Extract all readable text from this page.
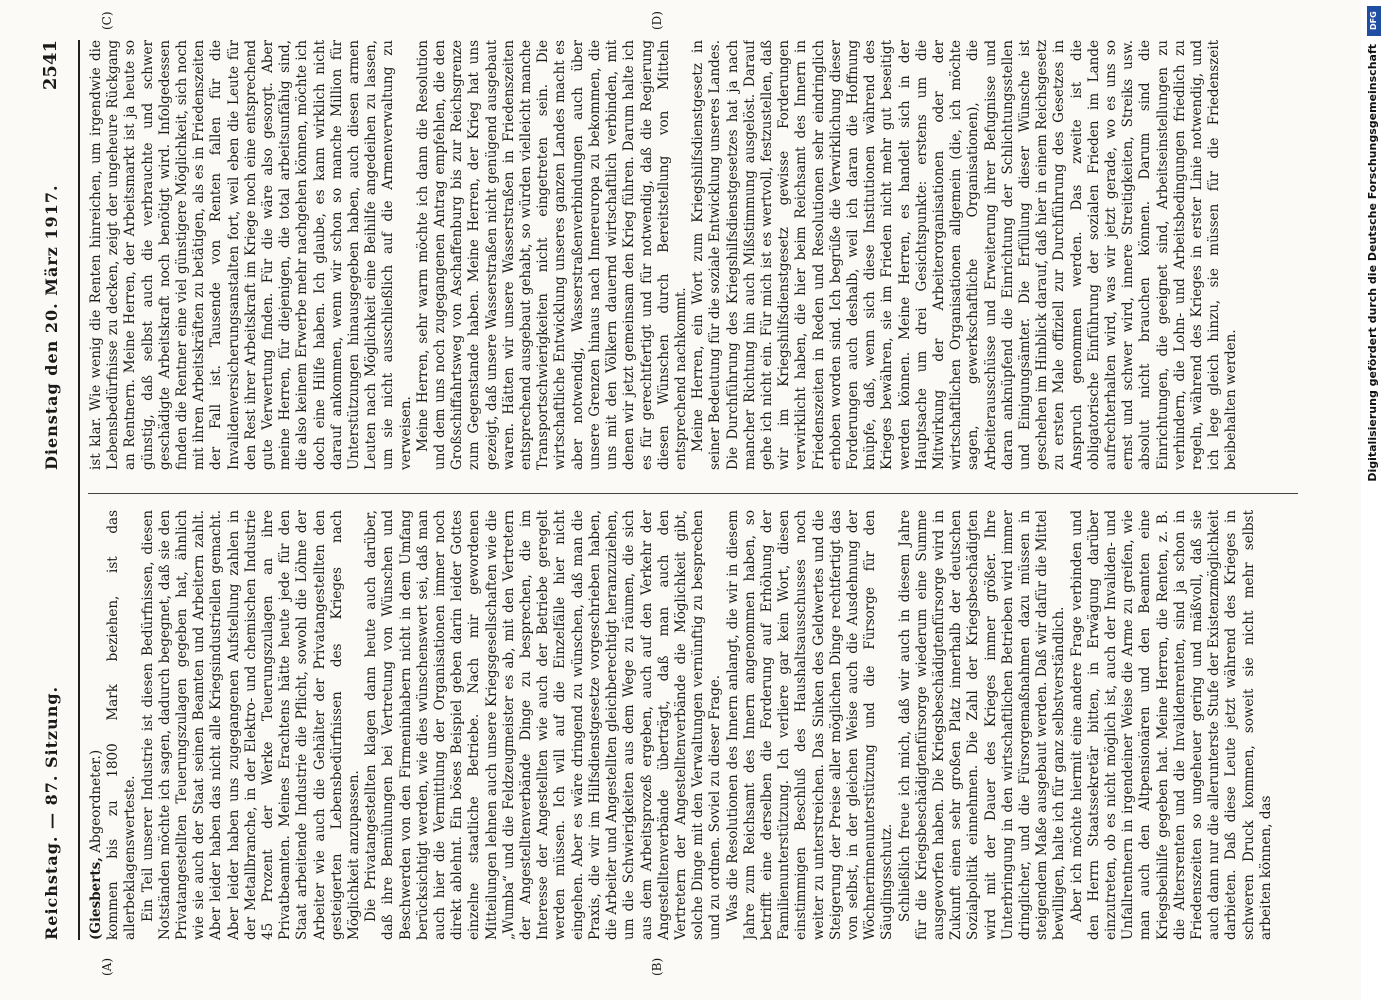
Reichstag. — 87. Sitzung.
Dienstag den 20. März 1917.
2541
(A)	(B)
(C)	(D)

(Giesberts, Abgeordneter.) kommen bis zu 1800 Mark beziehen, ist das allerbeklagenswerteste. Ein Teil unserer Industrie ist diesen Bedürfnissen, diesen Notständen möchte ich sagen, dadurch begegnet, daß sie den Privatangestellten Teuerungszulagen gegeben hat, ähnlich wie sie auch der Staat seinen Beamten und Arbeitern zahlt. Aber leider haben das nicht alle Kriegsindustriellen gemacht. Aber leider haben uns zugegangenen Aufstellung zahlen in der Metallbranche, in der Elektro- und chemischen Industrie 45 Prozent der Werke Teuerungszulagen an ihre Privatbeamten. Meines Erachtens hätte heute jede für den Staat arbeitende Industrie die Pflicht, sowohl die Löhne der Arbeiter wie auch die Gehälter der Privatangestellten den gesteigerten Lebensbedürfnissen des Krieges nach Möglichkeit anzupassen. Die Privatangestellten klagen dann heute auch darüber, daß ihre Bemühungen bei Vertretung von Wünschen und Beschwerden von den Firmeninhabern nicht in dem Umfang berücksichtigt werden, wie dies wünschenswert sei, daß man auch hier die Vermittlung der Organisationen immer noch direkt ablehnt. Ein böses Beispiel geben darin leider Gottes einzelne staatliche Betriebe. Nach mir gewordenen Mitteilungen lehnen auch unsere Kriegsgesellschaften wie die „Wumba“ und die Feldzeugmeister es ab, mit den Vertretern der Angestelltenverbände Dinge zu besprechen, die im Interesse der Angestellten wie auch der Betriebe geregelt werden müssen. Ich will auf die Einzelfälle hier nicht eingehen. Aber es wäre dringend zu wünschen, daß man die Praxis, die wir im Hilfsdienstgesetze vorgeschrieben haben, die Arbeiter und Angestellten gleichberechtigt heranzuziehen, um die Schwierigkeiten aus dem Wege zu räumen, die sich aus dem Arbeitsprozeß ergeben, auch auf den Verkehr der Angestelltenverbände überträgt, daß man auch den Vertretern der Angestelltenverbände die Möglichkeit gibt, solche Dinge mit den Verwaltungen vernünftig zu besprechen und zu ordnen. Soviel zu dieser Frage. Was die Resolutionen des Innern anlangt, die wir in diesem Jahre zum Reichsamt des Innern angenommen haben, so betrifft eine derselben die Forderung auf Erhöhung der Familienunterstützung. Ich verliere gar kein Wort, diesen einstimmigen Beschluß des Haushaltsausschusses noch weiter zu unterstreichen. Das Sinken des Geldwertes und die Steigerung der Preise aller möglichen Dinge rechtfertigt das von selbst, in der gleichen Weise auch die Ausdehnung der Wöchnerinnenunterstützung und die Fürsorge für den Säuglingsschutz. Schließlich freue ich mich, daß wir auch in diesem Jahre für die Kriegsbeschädigtenfürsorge wiederum eine Summe ausgeworfen haben. Die Kriegsbeschädigtenfürsorge wird in Zukunft einen sehr großen Platz innerhalb der deutschen Sozialpolitik einnehmen. Die Zahl der Kriegsbeschädigten wird mit der Dauer des Krieges immer größer. Ihre Unterbringung in den wirtschaftlichen Betrieben wird immer dringlicher, und die Fürsorgemaßnahmen dazu müssen in steigendem Maße ausgebaut werden. Daß wir dafür die Mittel bewilligen, halte ich für ganz selbstverständlich. Aber ich möchte hiermit eine andere Frage verbinden und den Herrn Staatssekretär bitten, in Erwägung darüber einzutreten, ob es nicht möglich ist, auch der Invaliden- und Unfallrentnern in irgendeiner Weise die Arme zu greifen, wie man auch den Altpensionären und den Beamten eine Kriegsbeihilfe gegeben hat. Meine Herren, die Renten, z. B. die Altersrenten und die Invalidenrenten, sind ja schon in Friedenszeiten so ungeheuer gering und mäßvoll, daß sie auch dann nur die allerunterste Stufe der Existenzmöglichkeit darbieten. Daß diese Leute jetzt während des Krieges in schweren Druck kommen, soweit sie nicht mehr selbst arbeiten können, das

ist klar. Wie wenig die Renten hinreichen, um irgendwie die Lebensbedürfnisse zu decken, zeigt der ungeheure Rückgang an Rentnern. Meine Herren, der Arbeitsmarkt ist ja heute so günstig, daß selbst auch die verbrauchte und schwer geschädigte Arbeitskraft noch benötigt wird. Infolgedessen finden die Rentner eine viel günstigere Möglichkeit, sich noch mit ihren Arbeitskräften zu betätigen, als es in Friedenszeiten der Fall ist. Tausende von Renten fallen für die Invalidenversicherungsanstalten fort, weil eben die Leute für den Rest ihrer Arbeitskraft im Kriege noch eine entsprechend gute Verwertung finden. Für die wäre also gesorgt. Aber meine Herren, für diejenigen, die total arbeitsunfähig sind, die also keinem Erwerbe mehr nachgehen können, möchte ich doch eine Hilfe haben. Ich glaube, es kann wirklich nicht darauf ankommen, wenn wir schon so manche Million für Unterstützungen hinausgegeben haben, auch diesen armen Leuten nach Möglichkeit eine Beihilfe angedeihen zu lassen, um sie nicht ausschließlich auf die Armenverwaltung zu verweisen. Meine Herren, sehr warm möchte ich dann die Resolution und dem uns noch zugegangenen Antrag empfehlen, die den Großschiffahrtsweg von Aschaffenburg bis zur Reichsgrenze zum Gegenstande haben. Meine Herren, der Krieg hat uns gezeigt, daß unsere Wasserstraßen nicht genügend ausgebaut waren. Hätten wir unsere Wasserstraßen in Friedenszeiten entsprechend ausgebaut gehabt, so würden vielleicht manche Transportschwierigkeiten nicht eingetreten sein. Die wirtschaftliche Entwicklung unseres ganzen Landes macht es aber notwendig, Wasserstraßenverbindungen auch über unsere Grenzen hinaus nach Innereuropa zu bekommen, die uns mit den Völkern dauernd wirtschaftlich verbinden, mit denen wir jetzt gemeinsam den Krieg führen. Darum halte ich es für gerechtfertigt und für notwendig, daß die Regierung diesen Wünschen durch Bereitstellung von Mitteln entsprechend nachkommt. Meine Herren, ein Wort zum Kriegshilfsdienstgesetz in seiner Bedeutung für die soziale Entwicklung unseres Landes. Die Durchführung des Kriegshilfsdienstgesetzes hat ja nach mancher Richtung hin auch Mißstimmung ausgelöst. Darauf gehe ich nicht ein. Für mich ist es wertvoll, festzustellen, daß wir im Kriegshilfsdienstgesetz gewisse Forderungen verwirklicht haben, die hier beim Reichsamt des Innern in Friedenszeiten in Reden und Resolutionen sehr eindringlich erhoben worden sind. Ich begrüße die Verwirklichung dieser Forderungen auch deshalb, weil ich daran die Hoffnung knüpfe, daß, wenn sich diese Institutionen während des Krieges bewähren, sie im Frieden nicht mehr gut beseitigt werden können. Meine Herren, es handelt sich in der Hauptsache um drei Gesichtspunkte: erstens um die Mitwirkung der Arbeiterorganisationen oder der wirtschaftlichen Organisationen allgemein (die, ich möchte sagen, gewerkschaftliche Organisationen), die Arbeiterausschüsse und Erweiterung ihrer Befugnisse und daran anknüpfend die Einrichtung der Schlichtungsstellen und Einigungsämter. Die Erfüllung dieser Wünsche ist geschehen im Hinblick darauf, daß hier in einem Reichsgesetz zu ersten Male offiziell zur Durchführung des Gesetzes in Anspruch genommen werden. Das zweite ist die obligatorische Einführung der sozialen Frieden im Lande aufrechterhalten wird, was wir jetzt gerade, wo es uns so ernst und schwer wird, innere Streitigkeiten, Streiks usw. absolut nicht brauchen können. Darum sind die Einrichtungen, die geeignet sind, Arbeitseinstellungen zu verhindern, die Lohn- und Arbeitsbedingungen friedlich zu regeln, während des Krieges in erster Linie notwendig, und ich lege gleich hinzu, sie müssen für die Friedenszeit beibehalten werden.

DFG
Digitalisierung gefördert durch die Deutsche Forschungsgemeinschaft
